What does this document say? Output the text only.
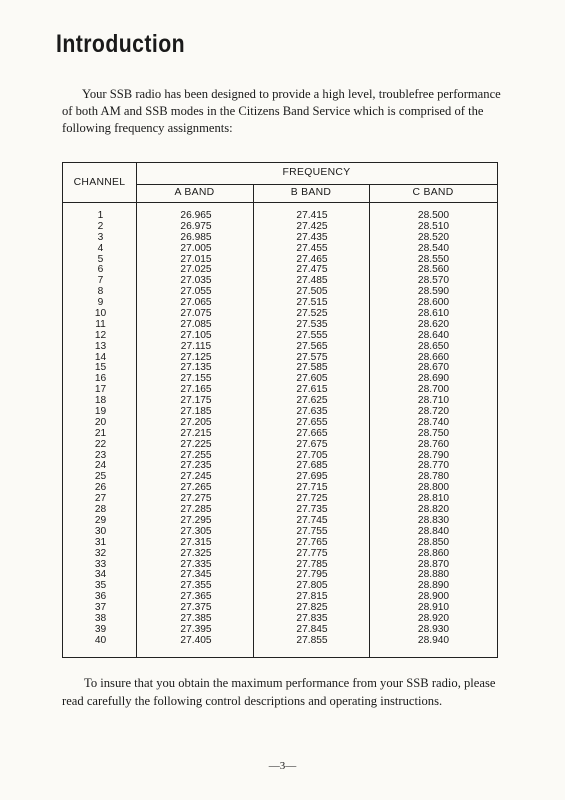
Introduction

Your SSB radio has been designed to provide a high level, troublefree performance of both AM and SSB modes in the Citizens Band Service which is comprised of the following frequency assignments:

CHANNEL
FREQUENCY
A BAND	B BAND	C BAND
1	26.965	27.415	28.500
2	26.975	27.425	28.510
3	26.985	27.435	28.520
4	27.005	27.455	28.540
5	27.015	27.465	28.550
6	27.025	27.475	28.560
7	27.035	27.485	28.570
8	27.055	27.505	28.590
9	27.065	27.515	28.600
10	27.075	27.525	28.610
11	27.085	27.535	28.620
12	27.105	27.555	28.640
13	27.115	27.565	28.650
14	27.125	27.575	28.660
15	27.135	27.585	28.670
16	27.155	27.605	28.690
17	27.165	27.615	28.700
18	27.175	27.625	28.710
19	27.185	27.635	28.720
20	27.205	27.655	28.740
21	27.215	27.665	28.750
22	27.225	27.675	28.760
23	27.255	27.705	28.790
24	27.235	27.685	28.770
25	27.245	27.695	28.780
26	27.265	27.715	28.800
27	27.275	27.725	28.810
28	27.285	27.735	28.820
29	27.295	27.745	28.830
30	27.305	27.755	28.840
31	27.315	27.765	28.850
32	27.325	27.775	28.860
33	27.335	27.785	28.870
34	27.345	27.795	28.880
35	27.355	27.805	28.890
36	27.365	27.815	28.900
37	27.375	27.825	28.910
38	27.385	27.835	28.920
39	27.395	27.845	28.930
40	27.405	27.855	28.940

To insure that you obtain the maximum performance from your SSB radio, please read carefully the following control descriptions and operating instructions.

—3—
